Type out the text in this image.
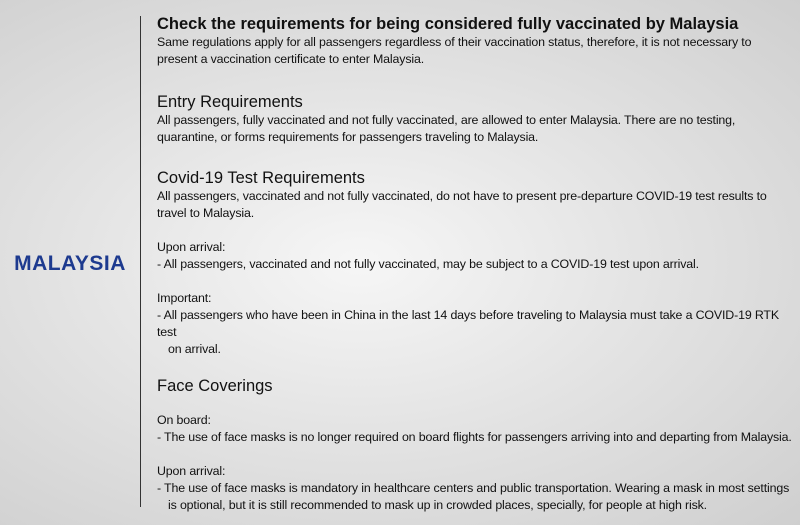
MALAYSIA
Check the requirements for being considered fully vaccinated by Malaysia

Same regulations apply for all passengers regardless of their vaccination status, therefore, it is not necessary to present a vaccination certificate to enter Malaysia.

Entry Requirements

All passengers, fully vaccinated and not fully vaccinated, are allowed to enter Malaysia. There are no testing, quarantine, or forms requirements for passengers traveling to Malaysia.

Covid-19 Test Requirements

All passengers, vaccinated and not fully vaccinated, do not have to present pre-departure COVID-19 test results to travel to Malaysia.

Upon arrival:

- All passengers, vaccinated and not fully vaccinated, may be subject to a COVID-19 test upon arrival.

Important:

- All passengers who have been in China in the last 14 days before traveling to Malaysia must take a COVID-19 RTK test

on arrival.

Face Coverings

On board:

- The use of face masks is no longer required on board flights for passengers arriving into and departing from Malaysia.

Upon arrival:

- The use of face masks is mandatory in healthcare centers and public transportation. Wearing a mask in most settings

is optional, but it is still recommended to mask up in crowded places, specially, for people at high risk.
